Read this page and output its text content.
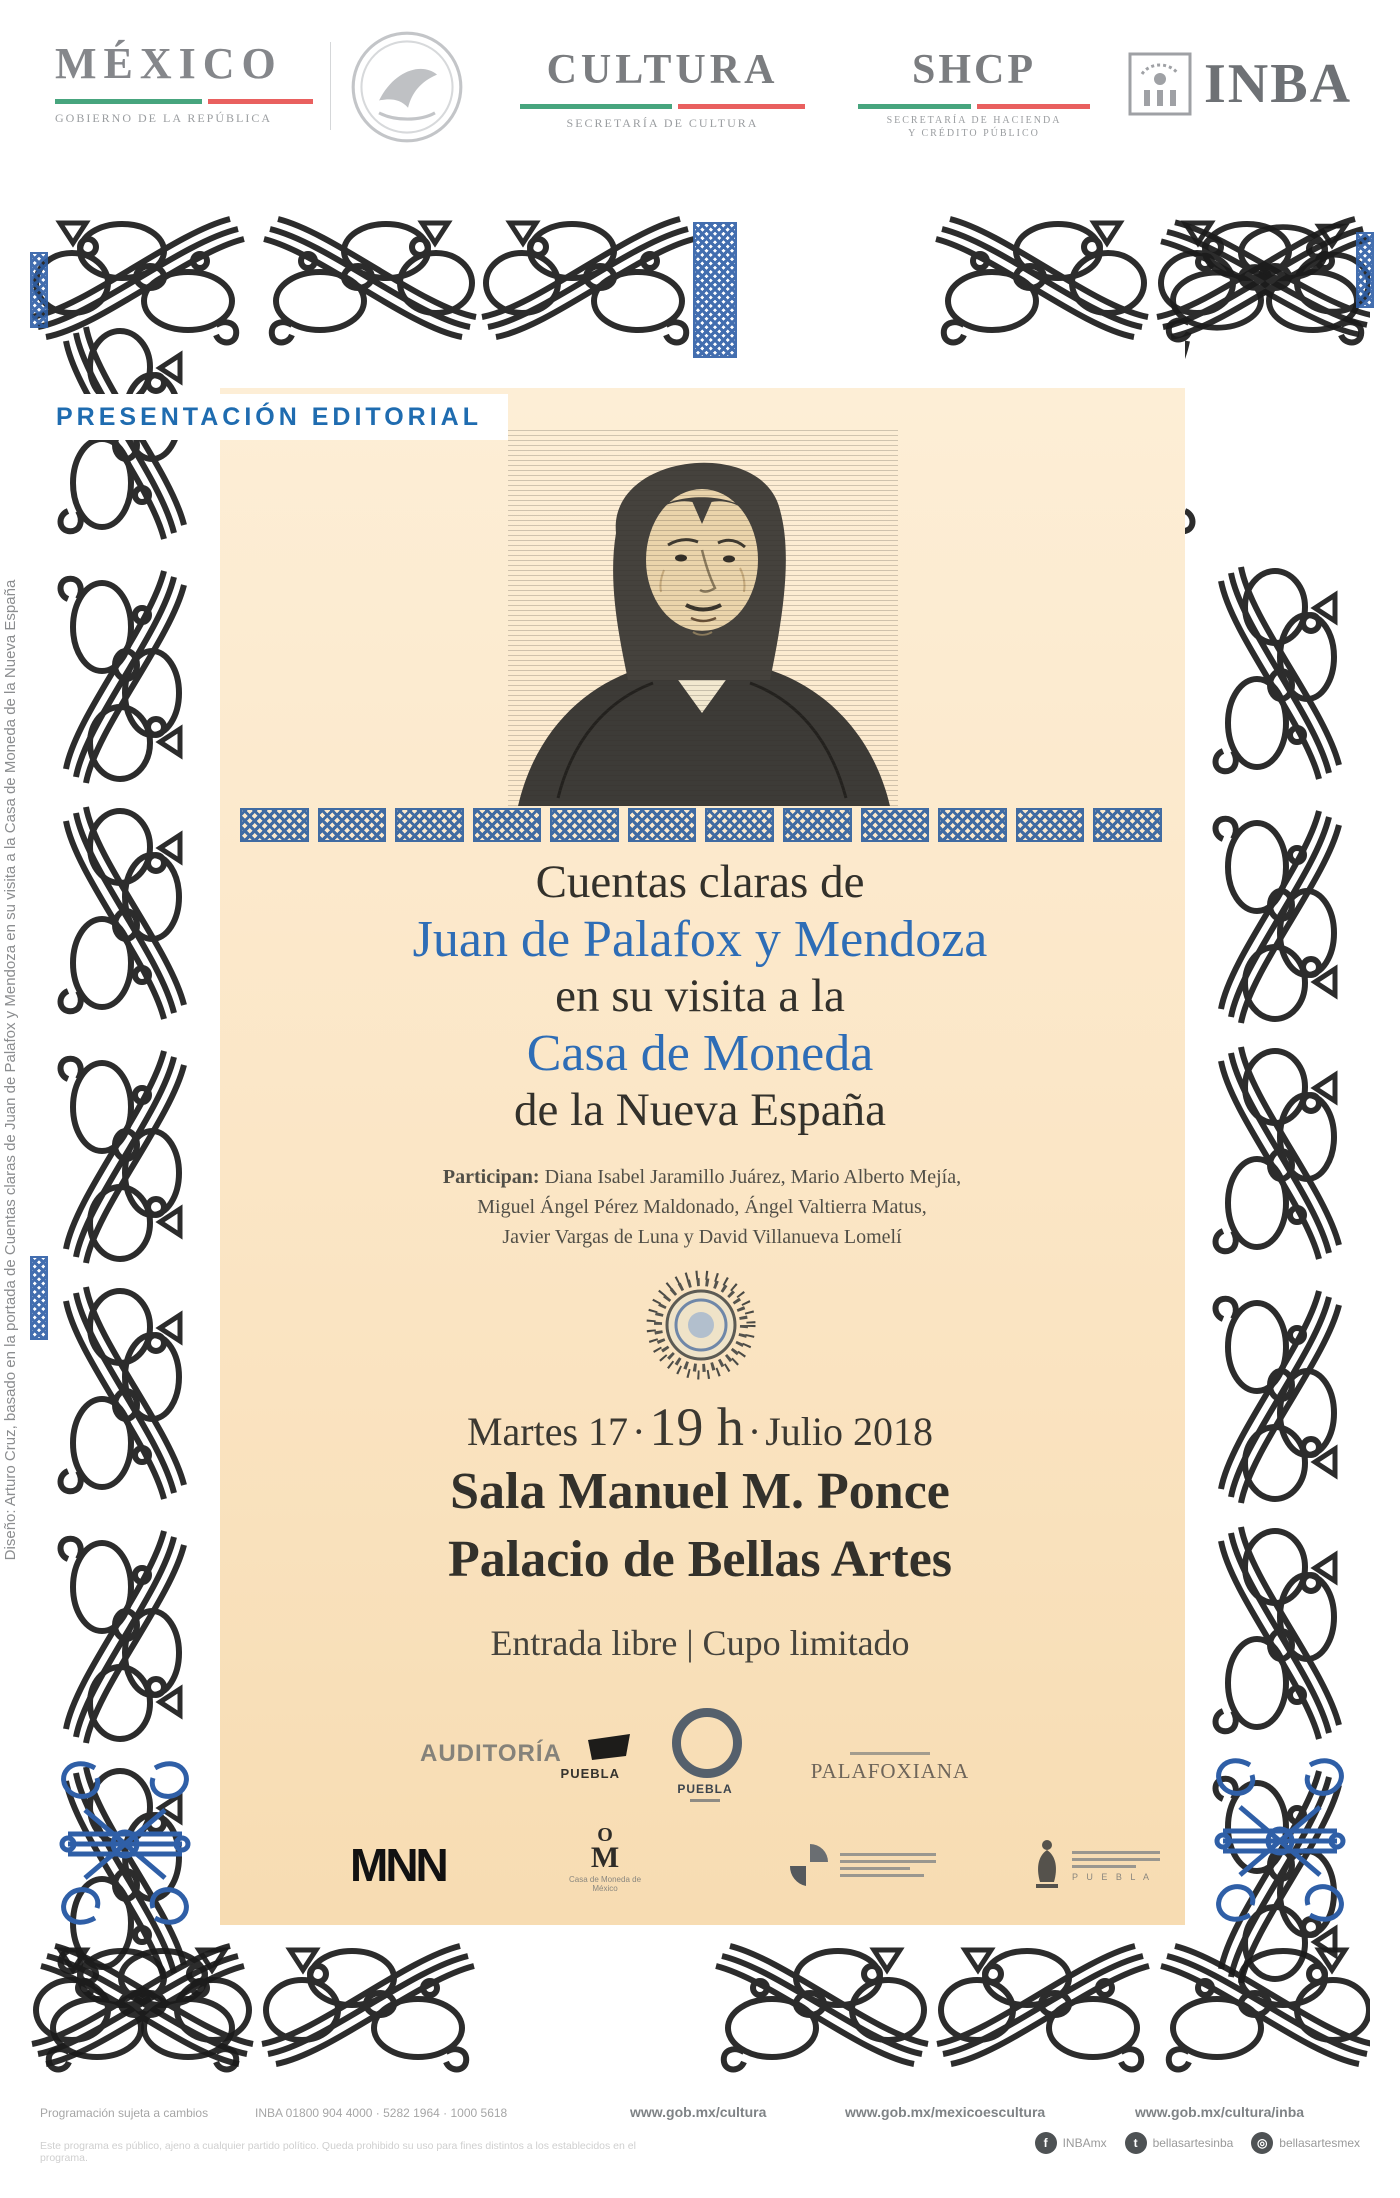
MÉXICO
GOBIERNO DE LA REPÚBLICA
CULTURA
SECRETARÍA DE CULTURA
SHCP
SECRETARÍA DE HACIENDA
Y CRÉDITO PÚBLICO
INBA
PRESENTACIÓN EDITORIAL
Cuentas claras de
Juan de Palafox y Mendoza
en su visita a la
Casa de Moneda
de la Nueva España
Participan: Diana Isabel Jaramillo Juárez, Mario Alberto Mejía,
Miguel Ángel Pérez Maldonado, Ángel Valtierra Matus,
Javier Vargas de Luna y David Villanueva Lomelí
Martes 17 · 19 h · Julio 2018
Sala Manuel M. Ponce
Palacio de Bellas Artes
Entrada libre | Cupo limitado
AUDITORÍA
PUEBLA
PUEBLA
PALAFOXIANA
MNN
O
M
Casa de Moneda de México
P U E B L A
Diseño: Arturo Cruz, basado en la portada de Cuentas claras de Juan de Palafox y Mendoza en su visita a la Casa de Moneda de la Nueva España
Programación sujeta a cambios	INBA 01800 904 4000 · 5282 1964 · 1000 5618	www.gob.mx/cultura	www.gob.mx/mexicoescultura	www.gob.mx/cultura/inba
Este programa es público, ajeno a cualquier partido político. Queda prohibido su uso para fines distintos a los establecidos en el programa.
f INBAmx	t bellasartesinba	◎ bellasartesmex
